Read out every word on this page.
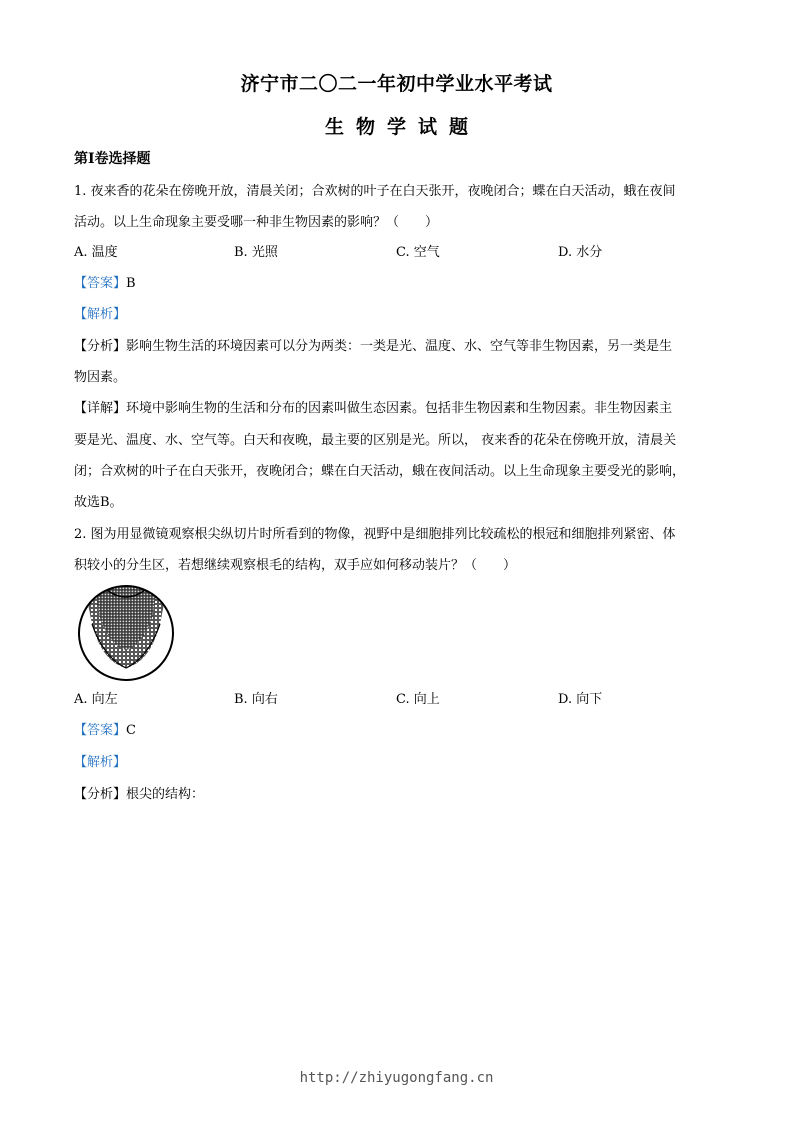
济宁市二〇二一年初中学业水平考试
生物学试题
第Ⅰ卷选择题
1. 夜来香的花朵在傍晚开放，清晨关闭；合欢树的叶子在白天张开，夜晚闭合；蝶在白天活动，蛾在夜间
活动。以上生命现象主要受哪一种非生物因素的影响？（　　）
A. 温度	B. 光照	C. 空气	D. 水分
【答案】B
【解析】
【分析】影响生物生活的环境因素可以分为两类：一类是光、温度、水、空气等非生物因素，另一类是生
物因素。
【详解】环境中影响生物的生活和分布的因素叫做生态因素。包括非生物因素和生物因素。非生物因素主
要是光、温度、水、空气等。白天和夜晚，最主要的区别是光。所以， 夜来香的花朵在傍晚开放，清晨关
闭；合欢树的叶子在白天张开，夜晚闭合；蝶在白天活动，蛾在夜间活动。以上生命现象主要受光的影响，
故选B。
2. 图为用显微镜观察根尖纵切片时所看到的物像，视野中是细胞排列比较疏松的根冠和细胞排列紧密、体
积较小的分生区，若想继续观察根毛的结构，双手应如何移动装片？（　　）
A. 向左	B. 向右	C. 向上	D. 向下
【答案】C
【解析】
【分析】根尖的结构：
http://zhiyugongfang.cn
